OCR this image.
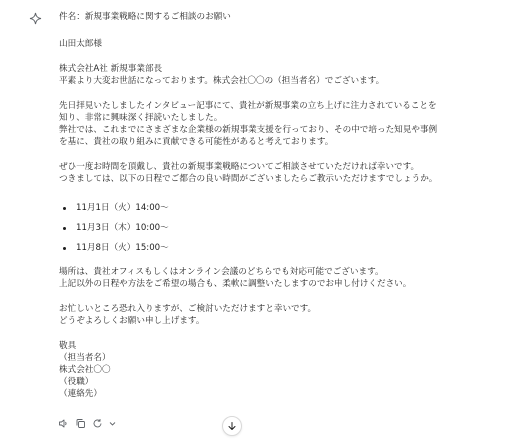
件名：新規事業戦略に関するご相談のお願い
山田太郎様
株式会社A社 新規事業部長
平素より大変お世話になっております。株式会社〇〇の（担当者名）でございます。
先日拝見いたしましたインタビュー記事にて、貴社が新規事業の立ち上げに注力されていることを
知り、非常に興味深く拝読いたしました。
弊社では、これまでにさまざまな企業様の新規事業支援を行っており、その中で培った知見や事例
を基に、貴社の取り組みに貢献できる可能性があると考えております。
ぜひ一度お時間を頂戴し、貴社の新規事業戦略についてご相談させていただければ幸いです。
つきましては、以下の日程でご都合の良い時間がございましたらご教示いただけますでしょうか。
11月1日（火）14:00〜
11月3日（木）10:00〜
11月8日（火）15:00〜
場所は、貴社オフィスもしくはオンライン会議のどちらでも対応可能でございます。
上記以外の日程や方法をご希望の場合も、柔軟に調整いたしますのでお申し付けください。
お忙しいところ恐れ入りますが、ご検討いただけますと幸いです。
どうぞよろしくお願い申し上げます。
敬具
（担当者名）
株式会社〇〇
（役職）
（連絡先）
